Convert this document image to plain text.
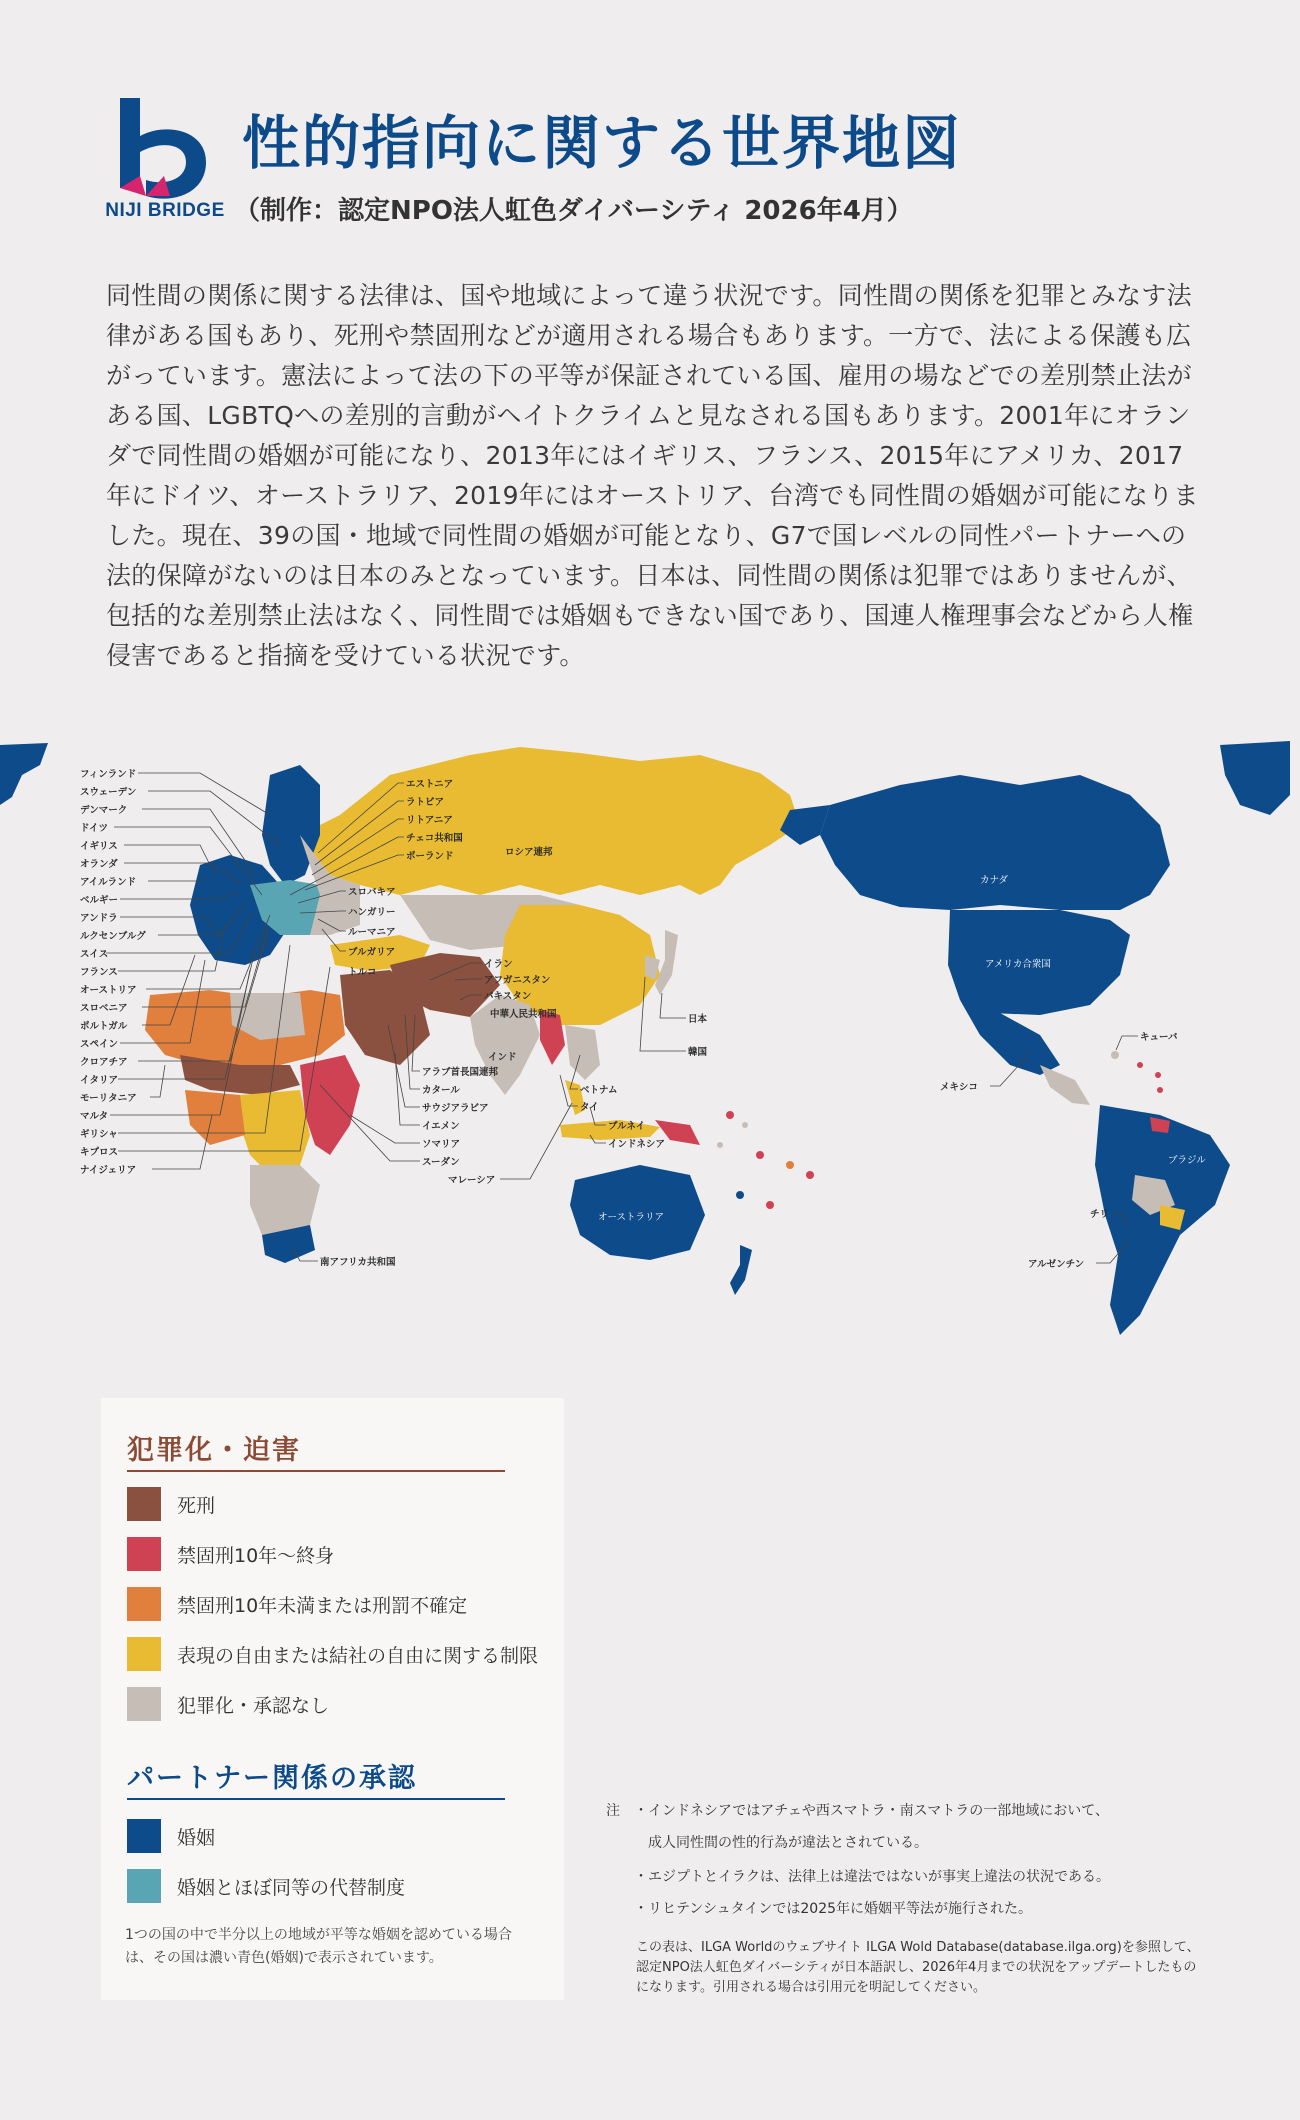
NIJI BRIDGE
性的指向に関する世界地図
（制作：認定NPO法人虹色ダイバーシティ 2026年4月）

同性間の関係に関する法律は、国や地域によって違う状況です。同性間の関係を犯罪とみなす法律がある国もあり、死刑や禁固刑などが適用される場合もあります。一方で、法による保護も広がっています。憲法によって法の下の平等が保証されている国、雇用の場などでの差別禁止法がある国、LGBTQへの差別的言動がヘイトクライムと見なされる国もあります。2001年にオランダで同性間の婚姻が可能になり、2013年にはイギリス、フランス、2015年にアメリカ、2017年にドイツ、オーストラリア、2019年にはオーストリア、台湾でも同性間の婚姻が可能になりました。現在、39の国・地域で同性間の婚姻が可能となり、G7で国レベルの同性パートナーへの法的保障がないのは日本のみとなっています。日本は、同性間の関係は犯罪ではありませんが、包括的な差別禁止法はなく、同性間では婚姻もできない国であり、国連人権理事会などから人権侵害であると指摘を受けている状況です。

フィンランド
スウェーデン
デンマーク
ドイツ
イギリス
オランダ
アイルランド
ベルギー
アンドラ
ルクセンブルグ
スイス
フランス
オーストリア
スロベニア
ポルトガル
スペイン
クロアチア
イタリア
モーリタニア
マルタ
ギリシャ
キプロス
ナイジェリア
エストニア
ラトビア
リトアニア
チェコ共和国
ポーランド
スロバキア
ハンガリー
ルーマニア
ブルガリア
トルコ
ロシア連邦
イラン
アフガニスタン
パキスタン
中華人民共和国
インド
アラブ首長国連邦
カタール
サウジアラビア
イエメン
ソマリア
スーダン
ベトナム
タイ
ブルネイ
インドネシア
マレーシア
日本
韓国
オーストラリア
南アフリカ共和国
カナダ
アメリカ合衆国
メキシコ
キューバ
ブラジル
チリ
アルゼンチン
犯罪化・迫害
死刑
禁固刑10年〜終身
禁固刑10年未満または刑罰不確定
表現の自由または結社の自由に関する制限
犯罪化・承認なし
パートナー関係の承認
婚姻
婚姻とほぼ同等の代替制度

1つの国の中で半分以上の地域が平等な婚姻を認めている場合は、その国は濃い青色(婚姻)で表示されています。

注 ・インドネシアではアチェや西スマトラ・南スマトラの一部地域において、
成人同性間の性的行為が違法とされている。
・エジプトとイラクは、法律上は違法ではないが事実上違法の状況である。
・リヒテンシュタインでは2025年に婚姻平等法が施行された。

この表は、ILGA Worldのウェブサイト ILGA Wold Database(database.ilga.org)を参照して、認定NPO法人虹色ダイバーシティが日本語訳し、2026年4月までの状況をアップデートしたものになります。引用される場合は引用元を明記してください。
